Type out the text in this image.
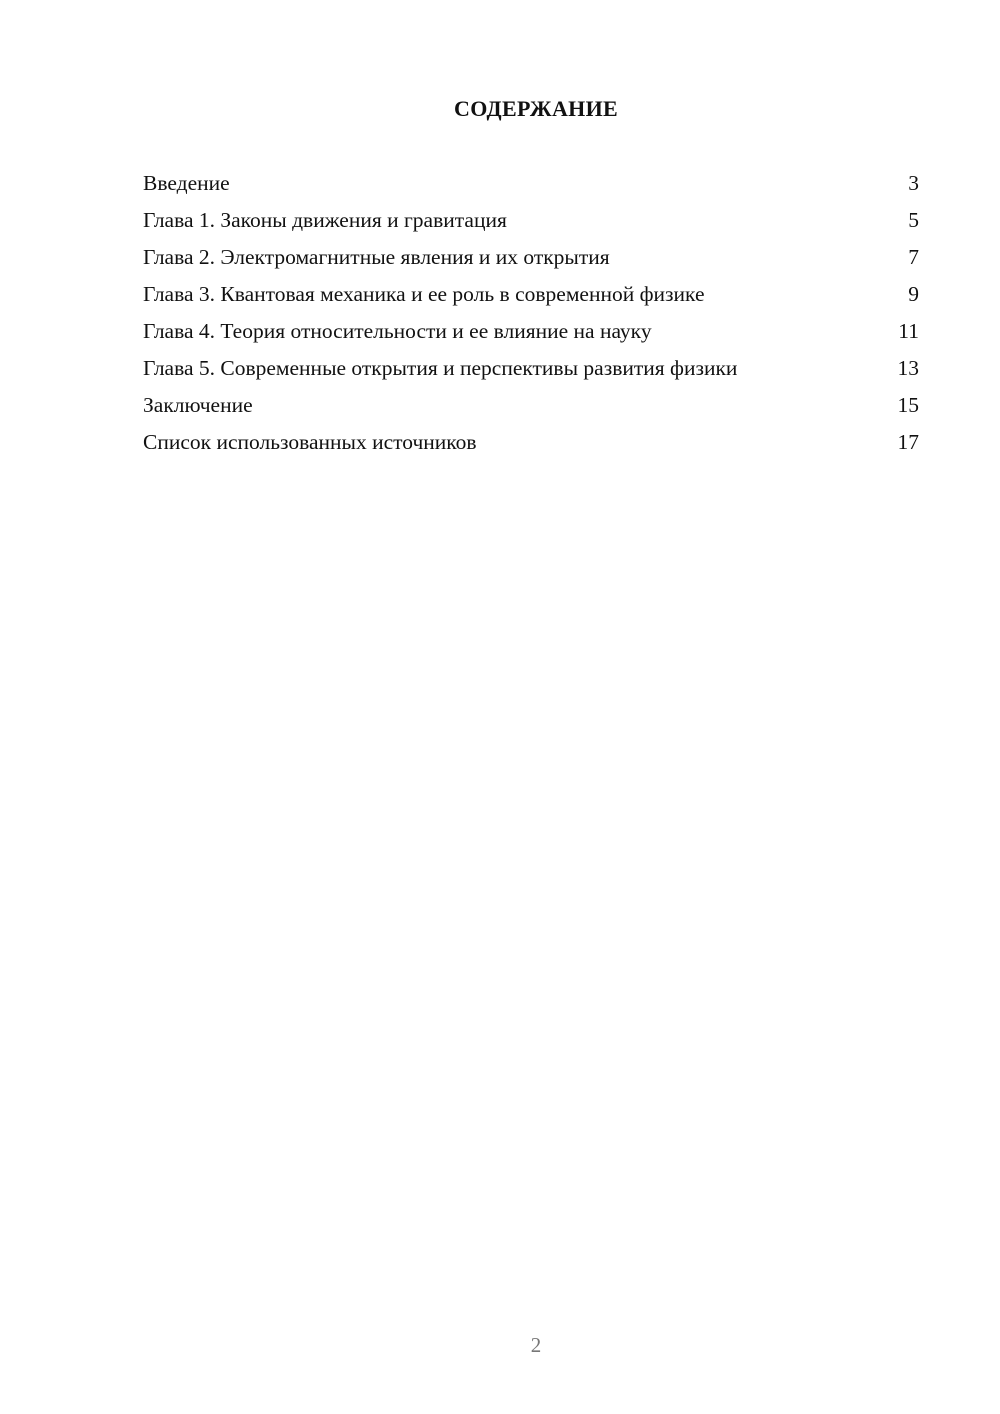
СОДЕРЖАНИЕ
Введение	3
Глава 1. Законы движения и гравитация	5
Глава 2. Электромагнитные явления и их открытия	7
Глава 3. Квантовая механика и ее роль в современной физике	9
Глава 4. Теория относительности и ее влияние на науку	11
Глава 5. Современные открытия и перспективы развития физики	13
Заключение	15
Список использованных источников	17
2
